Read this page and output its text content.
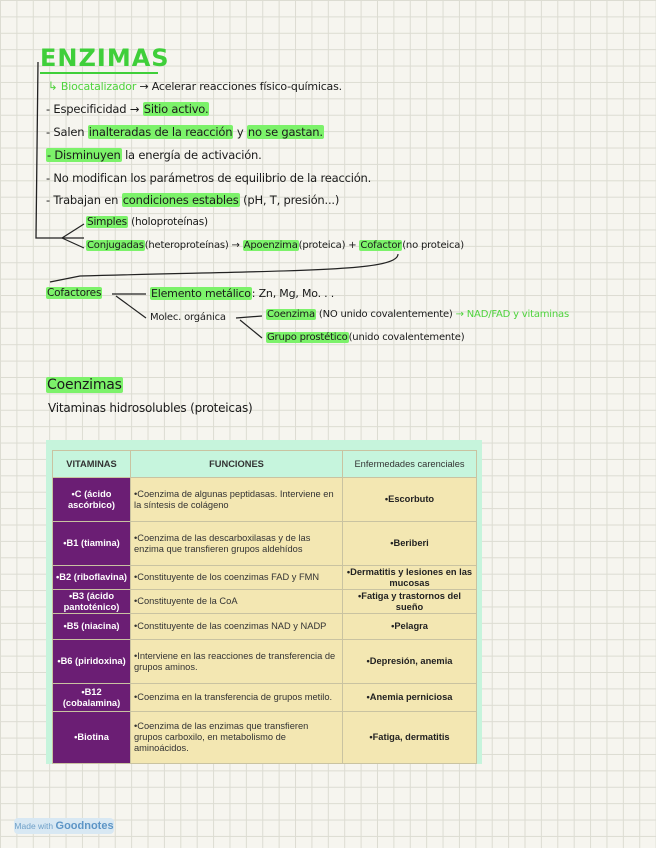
ENZIMAS
↳ Biocatalizador → Acelerar reacciones físico-químicas.
- Especificidad → Sitio activo.
- Salen inalteradas de la reacción y no se gastan.
- Disminuyen la energía de activación.
- No modifican los parámetros de equilibrio de la reacción.
- Trabajan en condiciones estables (pH, T, presión...)
Simples (holoproteínas)
Conjugadas(heteroproteínas) → Apoenzima(proteica) + Cofactor(no proteica)
Cofactores	Elemento metálico: Zn, Mg, Mo. . .
Molec. orgánica	Coenzima (NO unido covalentemente) → NAD/FAD y vitaminas
Grupo prostético(unido covalentemente)
Coenzimas
Vitaminas hidrosolubles (proteicas)
VITAMINAS	FUNCIONES	Enfermedades carenciales
•C (ácido ascórbico)	•Coenzima de algunas peptidasas. Interviene en la síntesis de colágeno	•Escorbuto
•B1 (tiamina)	•Coenzima de las descarboxilasas y de las enzima que transfieren grupos aldehídos	•Beriberi
•B2 (riboflavina)	•Constituyente de los coenzimas FAD y FMN	•Dermatitis y lesiones en las mucosas
•B3 (ácido pantoténico)	•Constituyente de la CoA	•Fatiga y trastornos del sueño
•B5 (niacina)	•Constituyente de las coenzimas NAD y NADP	•Pelagra
•B6 (piridoxina)	•Interviene en las reacciones de transferencia de grupos aminos.	•Depresión, anemia
•B12 (cobalamina)	•Coenzima en la transferencia de grupos metilo.	•Anemia perniciosa
•Biotina	•Coenzima de las enzimas que transfieren grupos carboxilo, en metabolismo de aminoácidos.	•Fatiga, dermatitis
Made with Goodnotes
